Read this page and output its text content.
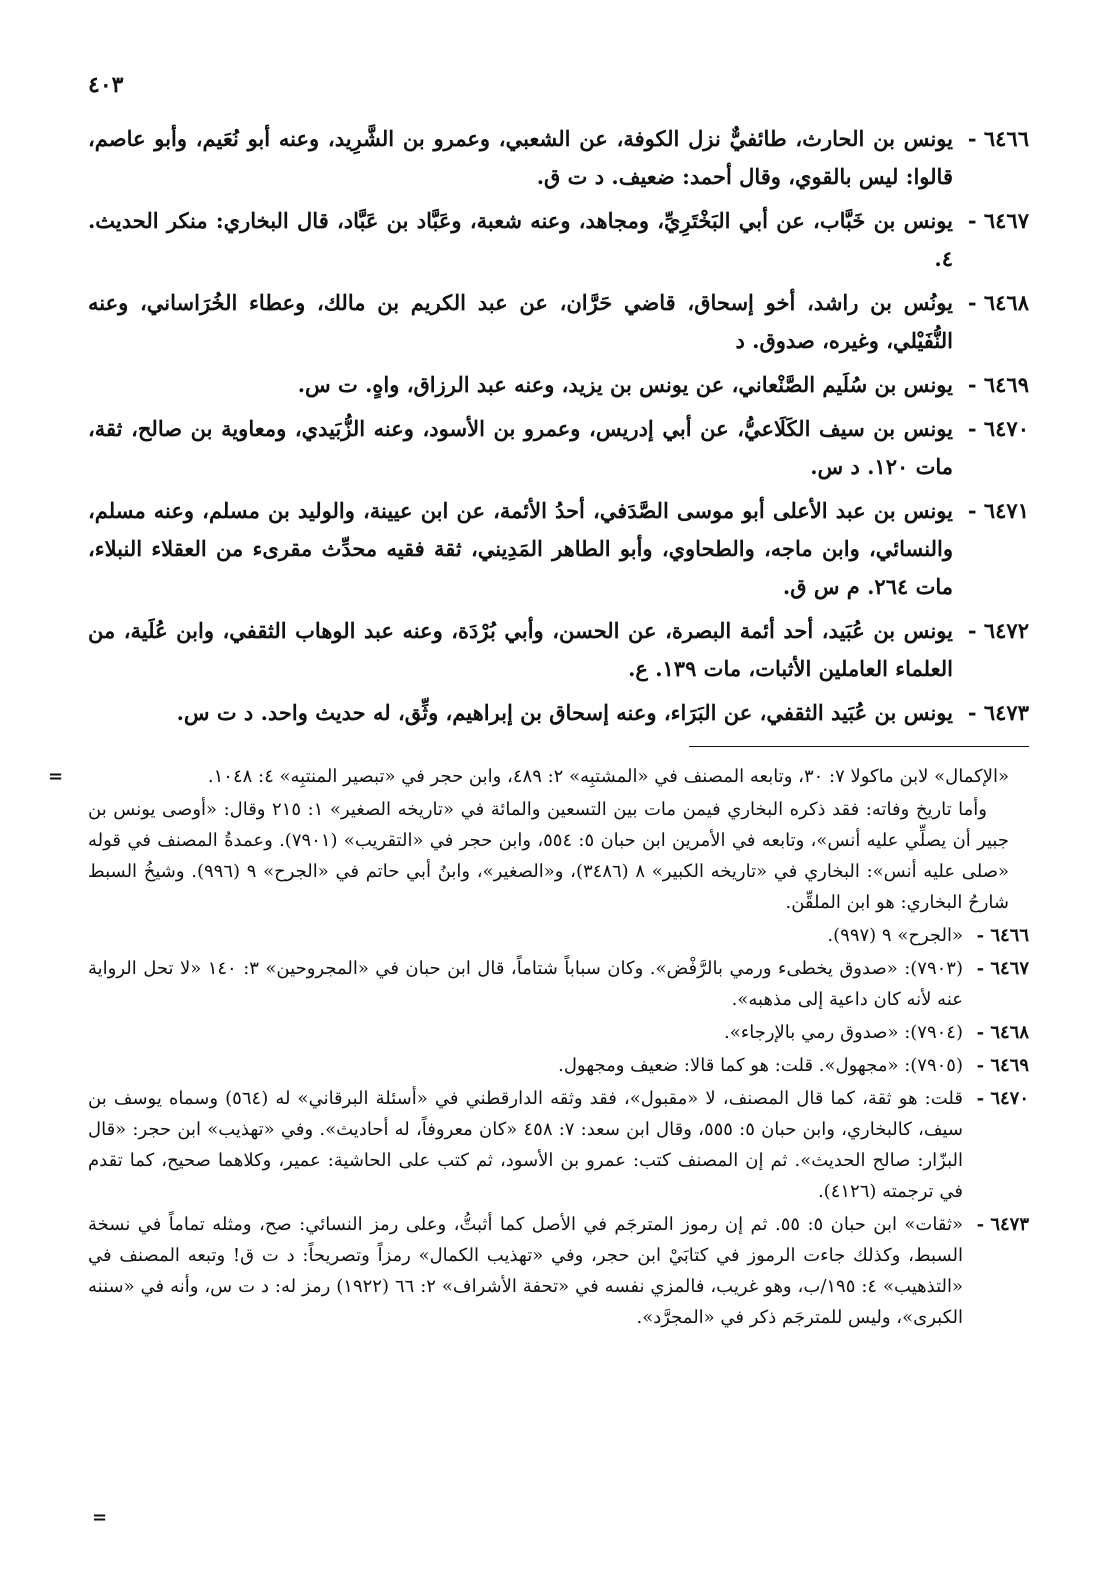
٤٠٣
٦٤٦٦ -
يونس بن الحارث، طائفيٌّ نزل الكوفة، عن الشعبي، وعمرو بن الشَّرِيد، وعنه أبو نُعَيم، وأبو عاصم، قالوا: ليس بالقوي، وقال أحمد: ضعيف. د ت ق.
٦٤٦٧ -
يونس بن خَبَّاب، عن أبي البَخْتَرِيِّ، ومجاهد، وعنه شعبة، وعَبَّاد بن عَبَّاد، قال البخاري: منكر الحديث. ٤.
٦٤٦٨ -
يونُس بن راشد، أخو إسحاق، قاضي حَرَّان، عن عبد الكريم بن مالك، وعطاء الخُرَاساني، وعنه النُّفَيْلي، وغيره، صدوق. د
٦٤٦٩ -
يونس بن سُلَيم الصَّنْعاني، عن يونس بن يزيد، وعنه عبد الرزاق، واهٍ. ت س.
٦٤٧٠ -
يونس بن سيف الكَلَاعيُّ، عن أبي إدريس، وعمرو بن الأسود، وعنه الزُّبَيدي، ومعاوية بن صالح، ثقة، مات ١٢٠. د س.
٦٤٧١ -
يونس بن عبد الأعلى أبو موسى الصَّدَفي، أحدُ الأئمة، عن ابن عيينة، والوليد بن مسلم، وعنه مسلم، والنسائي، وابن ماجه، والطحاوي، وأبو الطاهر المَدِيني، ثقة فقيه محدِّث مقرىء من العقلاء النبلاء، مات ٢٦٤. م س ق.
٦٤٧٢ -
يونس بن عُبَيد، أحد أئمة البصرة، عن الحسن، وأبي بُرْدَة، وعنه عبد الوهاب الثقفي، وابن عُلَية، من العلماء العاملين الأثبات، مات ١٣٩. ع.
٦٤٧٣ -
يونس بن عُبَيد الثقفي، عن البَرَاء، وعنه إسحاق بن إبراهيم، وثِّق، له حديث واحد. د ت س.
=	«الإكمال» لابن ماكولا ٧: ٣٠، وتابعه المصنف في «المشتبِه» ٢: ٤٨٩، وابن حجر في «تبصير المنتبِه» ٤: ١٠٤٨.
وأما تاريخ وفاته: فقد ذكره البخاري فيمن مات بين التسعين والمائة في «تاريخه الصغير» ١: ٢١٥ وقال: «أوصى يونس بن جبير أن يصلِّي عليه أنس»، وتابعه في الأمرين ابن حبان ٥: ٥٥٤، وابن حجر في «التقريب» (٧٩٠١). وعمدةُ المصنف في قوله «صلى عليه أنس»: البخاري في «تاريخه الكبير» ٨ (٣٤٨٦)، و«الصغير»، وابنُ أبي حاتم في «الجرح» ٩ (٩٩٦). وشيخُ السبط شارحُ البخاري: هو ابن الملقِّن.
٦٤٦٦ -
«الجرح» ٩ (٩٩٧).
٦٤٦٧ -
(٧٩٠٣): «صدوق يخطىء ورمي بالرَّفْض». وكان سباباً شتاماً، قال ابن حبان في «المجروحين» ٣: ١٤٠ «لا تحل الرواية عنه لأنه كان داعية إلى مذهبه».
٦٤٦٨ -
(٧٩٠٤): «صدوق رمي بالإرجاء».
٦٤٦٩ -
(٧٩٠٥): «مجهول». قلت: هو كما قالا: ضعيف ومجهول.
٦٤٧٠ -
قلت: هو ثقة، كما قال المصنف، لا «مقبول»، فقد وثقه الدارقطني في «أسئلة البرقاني» له (٥٦٤) وسماه يوسف بن سيف، كالبخاري، وابن حبان ٥: ٥٥٥، وقال ابن سعد: ٧: ٤٥٨ «كان معروفاً، له أحاديث». وفي «تهذيب» ابن حجر: «قال البزّار: صالح الحديث». ثم إن المصنف كتب: عمرو بن الأسود، ثم كتب على الحاشية: عمير، وكلاهما صحيح، كما تقدم في ترجمته (٤١٢٦).
٦٤٧٣ -
«ثقات» ابن حبان ٥: ٥٥. ثم إن رموز المترجَم في الأصل كما أثبتُّ، وعلى رمز النسائي: صح، ومثله تماماً في نسخة السبط، وكذلك جاءت الرموز في كتابَيْ ابن حجر، وفي «تهذيب الكمال» رمزاً وتصريحاً: د ت ق! وتبعه المصنف في «التذهيب» ٤: ١٩٥/ب، وهو غريب، فالمزي نفسه في «تحفة الأشراف» ٢: ٦٦ (١٩٢٢) رمز له: د ت س، وأنه في «سننه الكبرى»، وليس للمترجَم ذكر في «المجرَّد».
=
